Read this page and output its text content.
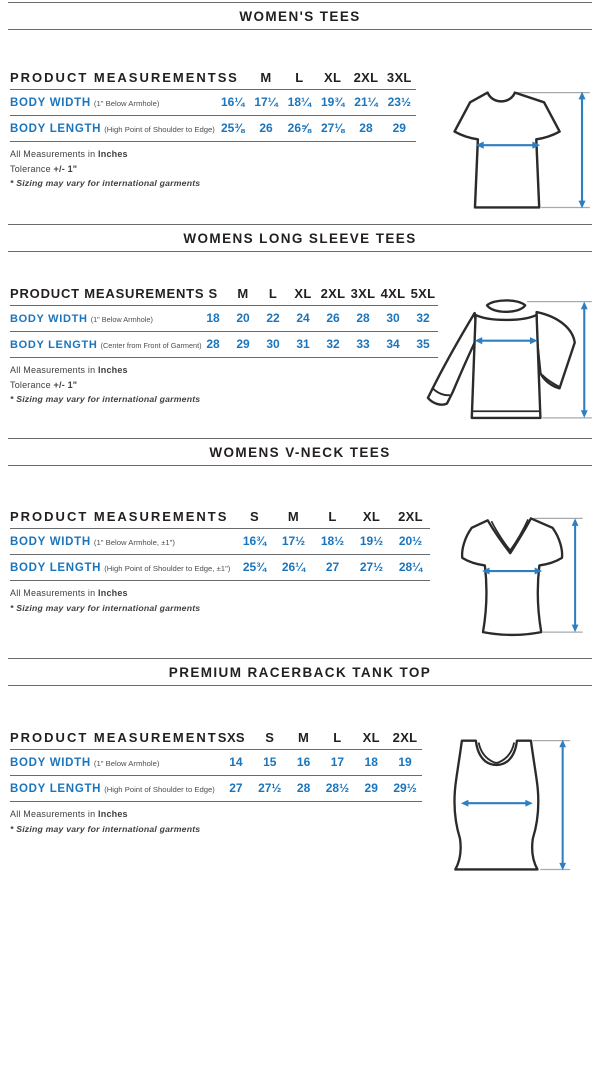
WOMEN'S TEES
PRODUCT MEASUREMENTS S	M	L	XL 2XL 3XL
BODY WIDTH (1" Below Armhole)	16¼ 17¼ 18¼ 19¾ 21¼ 23½
BODY LENGTH (High Point of Shoulder to Edge) 25⅜	26	26⅝ 27⅛	28	29
All Measurements in Inches
Tolerance +/- 1"
* Sizing may vary for international garments
WOMENS LONG SLEEVE TEES
PRODUCT MEASUREMENTS S	M	L	XL 2XL 3XL 4XL 5XL
BODY WIDTH (1" Below Armhole)	18	20	22	24	26	28	30	32
BODY LENGTH (Center from Front of Garment) 28	29	30	31	32	33	34	35
All Measurements in Inches
Tolerance +/- 1"
* Sizing may vary for international garments
WOMENS V-NECK TEES
PRODUCT MEASUREMENTS	S	M	L	XL	2XL
BODY WIDTH (1" Below Armhole, ±1")	16¾	17½	18½	19½	20½
BODY LENGTH (High Point of Shoulder to Edge, ±1")	25¾	26¼	27	27½	28¼
All Measurements in Inches
* Sizing may vary for international garments
PREMIUM RACERBACK TANK TOP
PRODUCT MEASUREMENTS
XS	S	M	L	XL 2XL
BODY WIDTH (1" Below Armhole)	14	15	16	17	18	19
BODY LENGTH (High Point of Shoulder to Edge)	27	27½	28	28½	29	29½
All Measurements in Inches
* Sizing may vary for international garments
